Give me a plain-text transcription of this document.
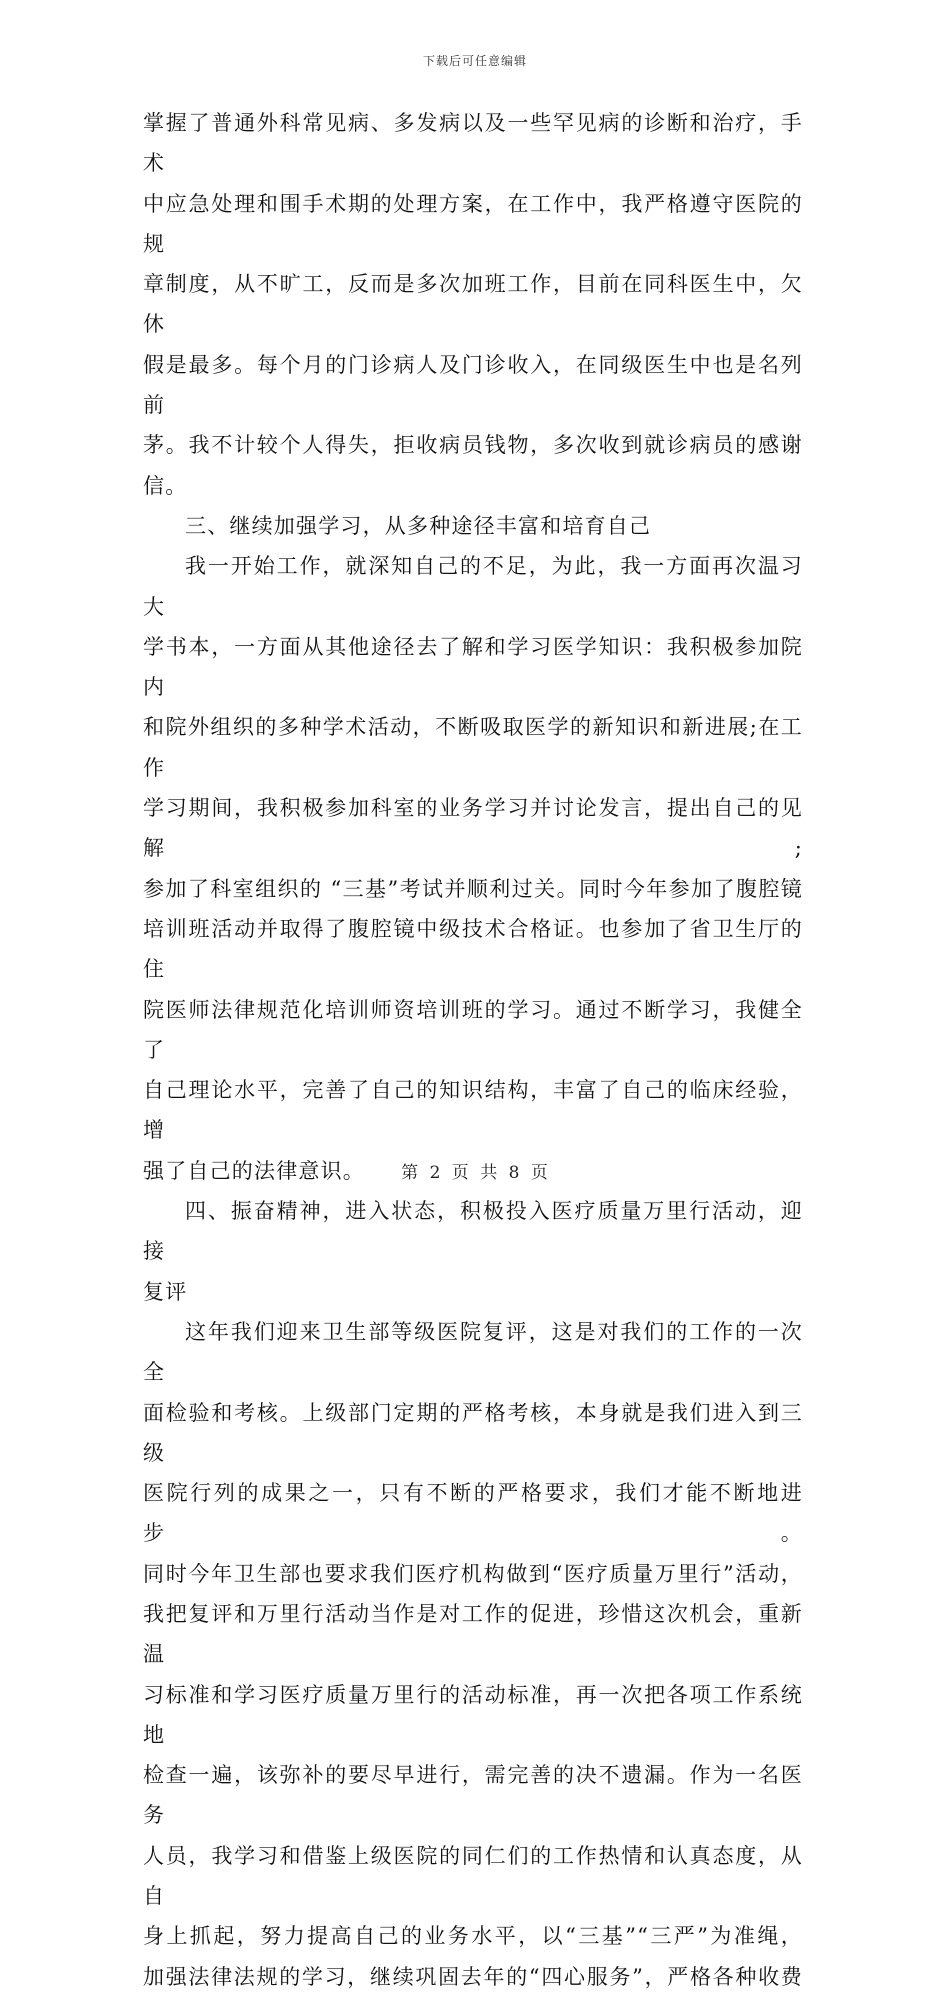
下载后可任意编辑

掌握了普通外科常见病、多发病以及一些罕见病的诊断和治疗，手术

中应急处理和围手术期的处理方案，在工作中，我严格遵守医院的规

章制度，从不旷工，反而是多次加班工作，目前在同科医生中，欠休

假是最多。每个月的门诊病人及门诊收入，在同级医生中也是名列前

茅。我不计较个人得失，拒收病员钱物，多次收到就诊病员的感谢信。

三、继续加强学习，从多种途径丰富和培育自己

我一开始工作，就深知自己的不足，为此，我一方面再次温习大

学书本，一方面从其他途径去了解和学习医学知识：我积极参加院内

和院外组织的多种学术活动，不断吸取医学的新知识和新进展;在工作

学习期间，我积极参加科室的业务学习并讨论发言，提出自己的见解;

参加了科室组织的 “三基”考试并顺利过关。同时今年参加了腹腔镜

培训班活动并取得了腹腔镜中级技术合格证。也参加了省卫生厅的住

院医师法律规范化培训师资培训班的学习。通过不断学习，我健全了

自己理论水平，完善了自己的知识结构，丰富了自己的临床经验，增

强了自己的法律意识。

四、振奋精神，进入状态，积极投入医疗质量万里行活动，迎接

复评

这年我们迎来卫生部等级医院复评，这是对我们的工作的一次全

面检验和考核。上级部门定期的严格考核，本身就是我们进入到三级

医院行列的成果之一，只有不断的严格要求，我们才能不断地进步。

同时今年卫生部也要求我们医疗机构做到“医疗质量万里行”活动，

我把复评和万里行活动当作是对工作的促进，珍惜这次机会，重新温

习标准和学习医疗质量万里行的活动标准，再一次把各项工作系统地

检查一遍，该弥补的要尽早进行，需完善的决不遗漏。作为一名医务

人员，我学习和借鉴上级医院的同仁们的工作热情和认真态度，从自

身上抓起，努力提高自己的业务水平，以“三基”“三严”为准绳，

加强法律法规的学习，继续巩固去年的“四心服务”，严格各种收费

第 2 页 共 8 页
